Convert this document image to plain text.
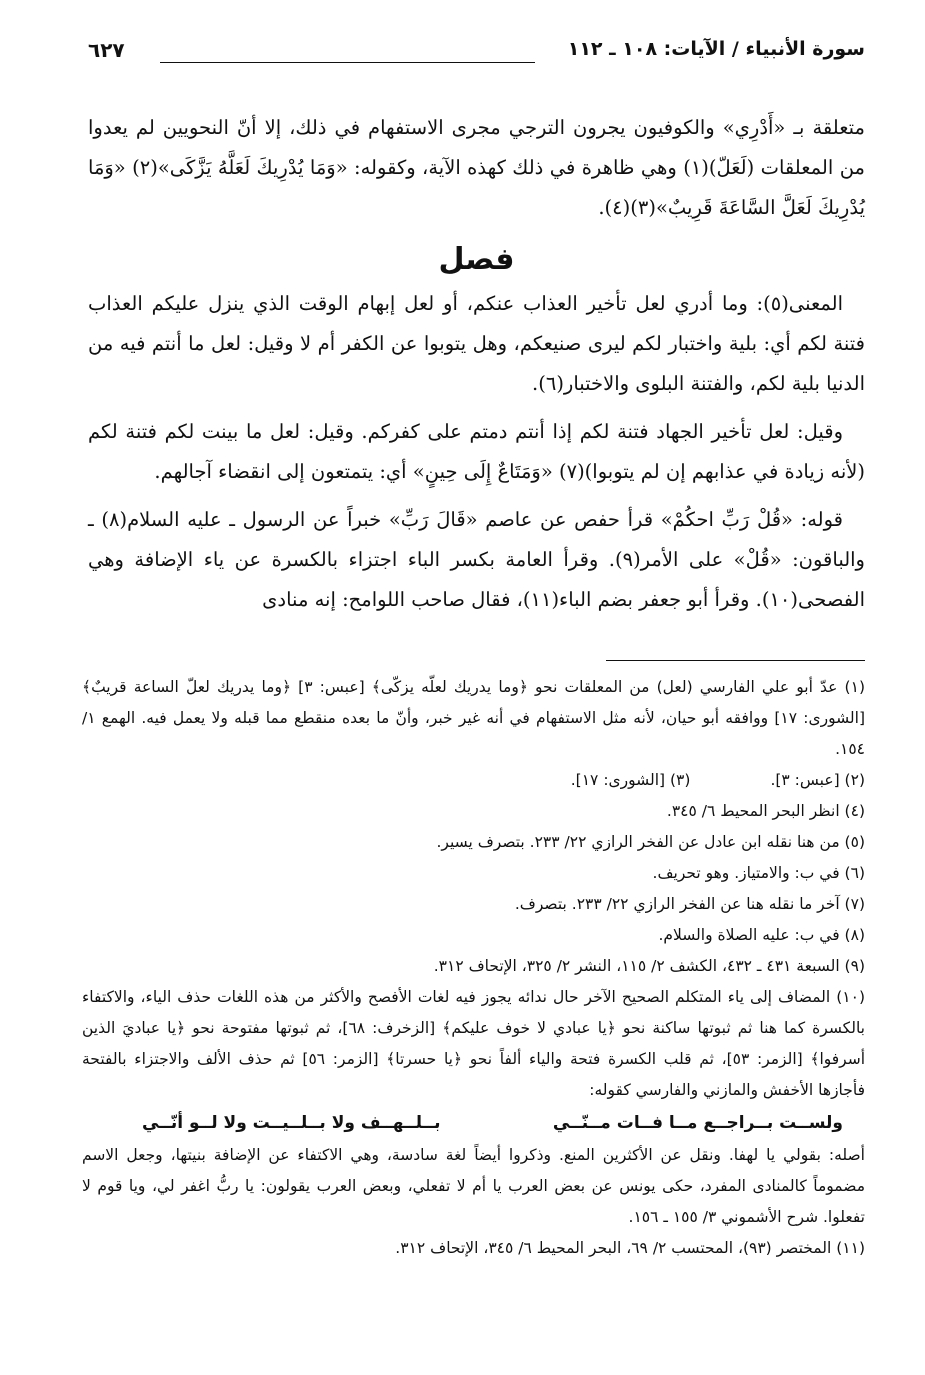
سورة الأنبياء / الآيات: ١٠٨ ـ ١١٢
٦٢٧

متعلقة بـ «أَدْرِي» والكوفيون يجرون الترجي مجرى الاستفهام في ذلك، إلا أنّ النحويين لم يعدوا من المعلقات (لَعَلّ)(١) وهي ظاهرة في ذلك كهذه الآية، وكقوله: «وَمَا يُدْرِيكَ لَعَلَّهُ يَزَّكَى»(٢) «وَمَا يُدْرِيكَ لَعَلَّ السَّاعَةَ قَرِيبٌ»(٣)(٤).

فصل

المعنى(٥): وما أدري لعل تأخير العذاب عنكم، أو لعل إبهام الوقت الذي ينزل عليكم العذاب فتنة لكم أي: بلية واختبار لكم ليرى صنيعكم، وهل يتوبوا عن الكفر أم لا وقيل: لعل ما أنتم فيه من الدنيا بلية لكم، والفتنة البلوى والاختبار(٦).

وقيل: لعل تأخير الجهاد فتنة لكم إذا أنتم دمتم على كفركم. وقيل: لعل ما بينت لكم فتنة لكم (لأنه زيادة في عذابهم إن لم يتوبوا)(٧) «وَمَتَاعٌ إِلَى حِينٍ» أي: يتمتعون إلى انقضاء آجالهم.

قوله: «قُلْ رَبِّ احكُمْ» قرأ حفص عن عاصم «قَالَ رَبِّ» خبراً عن الرسول ـ عليه السلام(٨) ـ والباقون: «قُلْ» على الأمر(٩). وقرأ العامة بكسر الباء اجتزاء بالكسرة عن ياء الإضافة وهي الفصحى(١٠). وقرأ أبو جعفر بضم الباء(١١)، فقال صاحب اللوامح: إنه منادى

(١) عدّ أبو علي الفارسي (لعل) من المعلقات نحو ﴿وما يدريك لعلّه يزكّى﴾ [عبس: ٣] ﴿وما يدريك لعلّ الساعة قريبٌ﴾ [الشورى: ١٧] ووافقه أبو حيان، لأنه مثل الاستفهام في أنه غير خبر، وأنّ ما بعده منقطع مما قبله ولا يعمل فيه. الهمع ١/ ١٥٤.

(٢) [عبس: ٣].
(٣) [الشورى: ١٧].

(٤) انظر البحر المحيط ٦/ ٣٤٥.

(٥) من هنا نقله ابن عادل عن الفخر الرازي ٢٢/ ٢٣٣. بتصرف يسير.

(٦) في ب: والامتياز. وهو تحريف.

(٧) آخر ما نقله هنا عن الفخر الرازي ٢٢/ ٢٣٣. بتصرف.

(٨) في ب: عليه الصلاة والسلام.

(٩) السبعة ٤٣١ ـ ٤٣٢، الكشف ٢/ ١١٥، النشر ٢/ ٣٢٥، الإتحاف ٣١٢.

(١٠) المضاف إلى ياء المتكلم الصحيح الآخر حال ندائه يجوز فيه لغات الأفصح والأكثر من هذه اللغات حذف الياء، والاكتفاء بالكسرة كما هنا ثم ثبوتها ساكنة نحو ﴿يا عبادي لا خوف عليكم﴾ [الزخرف: ٦٨]، ثم ثبوتها مفتوحة نحو ﴿يا عباديَ الذين أسرفوا﴾ [الزمر: ٥٣]، ثم قلب الكسرة فتحة والياء ألفاً نحو ﴿يا حسرتا﴾ [الزمر: ٥٦] ثم حذف الألف والاجتزاء بالفتحة فأجازها الأخفش والمازني والفارسي كقوله:

ولســت بــراجــع مــا فــات مــنّــي
بــلــهــف ولا بــلــيــت ولا لــو أنّــي

أصله: بقولي يا لهفا. ونقل عن الأكثرين المنع. وذكروا أيضاً لغة سادسة، وهي الاكتفاء عن الإضافة بنيتها، وجعل الاسم مضموماً كالمنادى المفرد، حكى يونس عن بعض العرب يا أم لا تفعلي، وبعض العرب يقولون: يا ربُّ اغفر لي، ويا قوم لا تفعلوا. شرح الأشموني ٣/ ١٥٥ ـ ١٥٦.

(١١) المختصر (٩٣)، المحتسب ٢/ ٦٩، البحر المحيط ٦/ ٣٤٥، الإتحاف ٣١٢.
